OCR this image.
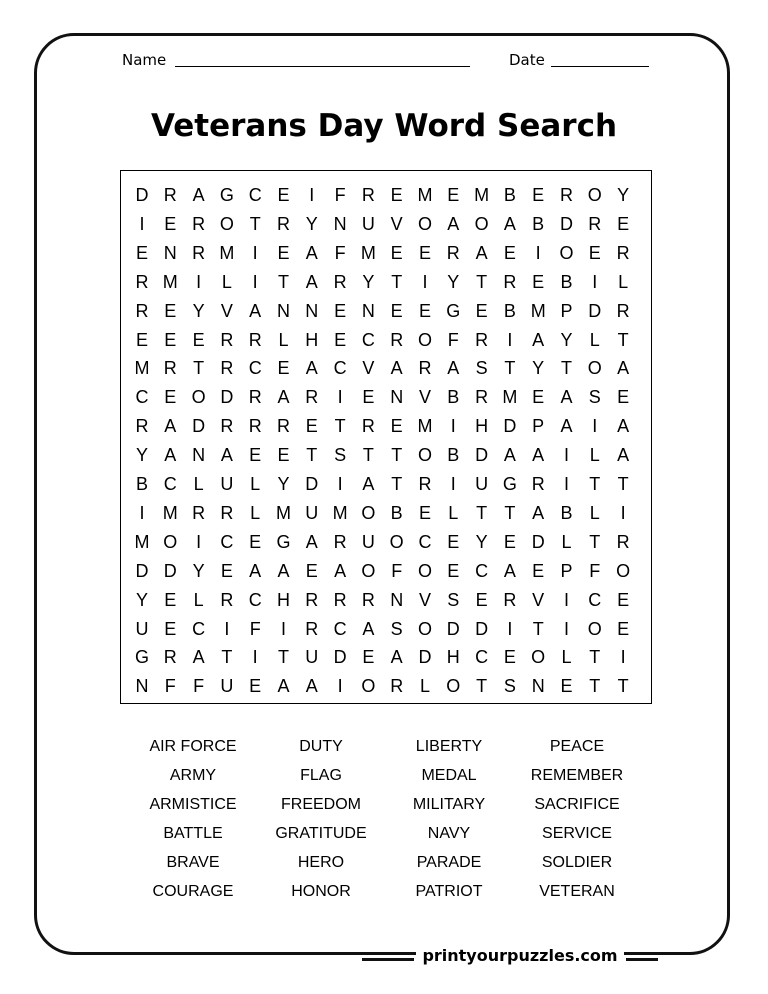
Name	Date
Veterans Day Word Search
D R A G C E	I	F R E M E M B E R O Y
I	E R O T R Y N U V O A O A B D R E
E N R M	I	E A F M E E R A E	I	O E R
R M	I	L	I	T A R Y T	I	Y T R E B	I	L
R E Y V A N N E N E E G E B M P D R
E E E R R L H E C R O F R	I	A Y L T
M R T R C E A C V A R A S T Y T O A
C E O D R A R	I	E N V B R M E A S E
R A D R R R E T R E M	I	H D P A	I	A
Y A N A E E T S T T O B D A A	I	L A
B C L U L Y D	I	A T R	I	U G R	I	T T
I	M R R L M U M O B E L T T A B L	I
M O	I	C E G A R U O C E Y E D L T R
D D Y E A A E A O F O E C A E P F O
Y E L R C H R R R N V S E R V	I	C E
U E C	I	F	I	R C A S O D D	I	T	I	O E
G R A T	I	T U D E A D H C E O L T	I
N F F U E A A	I	O R L O T S N E T T
AIR FORCE	DUTY	LIBERTY	PEACE
ARMY	FLAG	MEDAL	REMEMBER
ARMISTICE	FREEDOM	MILITARY	SACRIFICE
BATTLE	GRATITUDE	NAVY	SERVICE
BRAVE	HERO	PARADE	SOLDIER
COURAGE	HONOR	PATRIOT	VETERAN
printyourpuzzles.com
